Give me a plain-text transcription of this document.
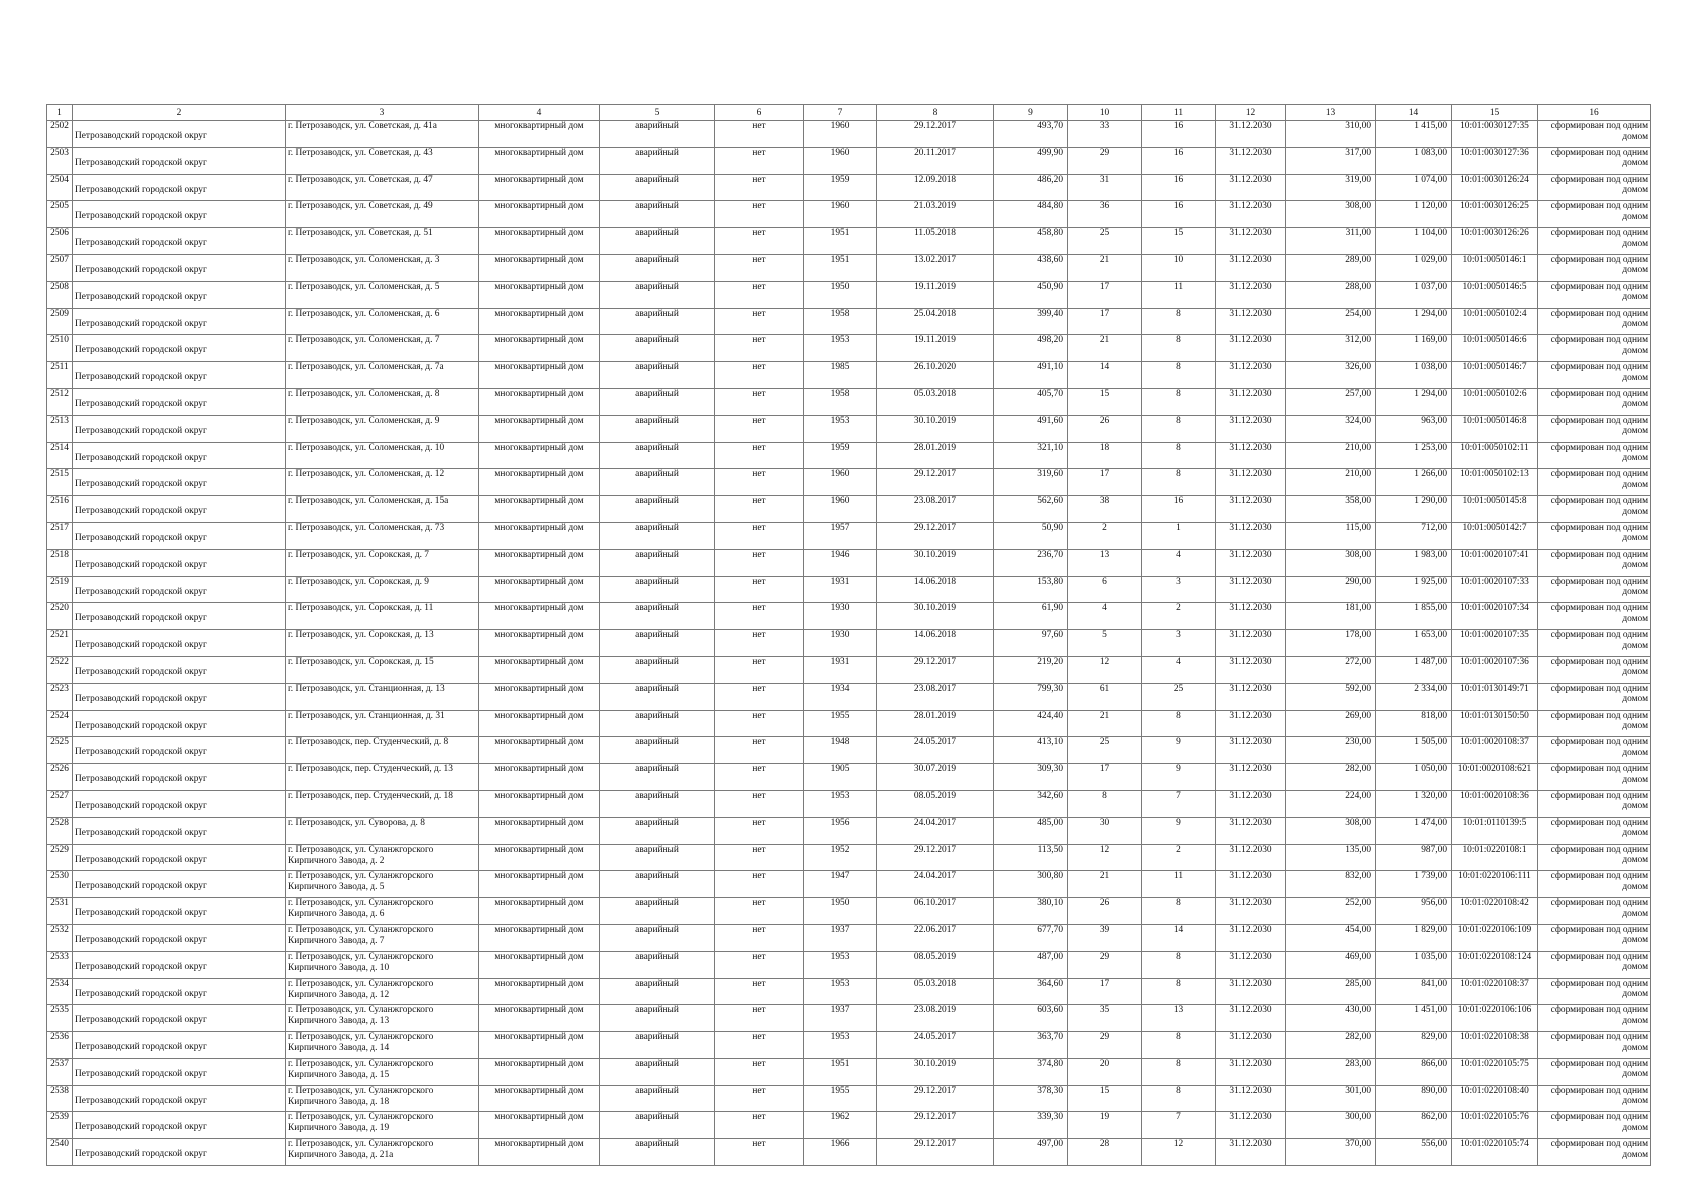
1	2	3	4	5	6	7	8	9	10	11	12	13	14	15	16
2502	Петрозаводский городской округ	г. Петрозаводск, ул. Советская, д. 41а	многоквартирный дом	аварийный	нет	1960	29.12.2017	493,70	33	16	31.12.2030	310,00	1 415,00	10:01:0030127:35	сформирован под одним домом
2503	Петрозаводский городской округ	г. Петрозаводск, ул. Советская, д. 43	многоквартирный дом	аварийный	нет	1960	20.11.2017	499,90	29	16	31.12.2030	317,00	1 083,00	10:01:0030127:36	сформирован под одним домом
2504	Петрозаводский городской округ	г. Петрозаводск, ул. Советская, д. 47	многоквартирный дом	аварийный	нет	1959	12.09.2018	486,20	31	16	31.12.2030	319,00	1 074,00	10:01:0030126:24	сформирован под одним домом
2505	Петрозаводский городской округ	г. Петрозаводск, ул. Советская, д. 49	многоквартирный дом	аварийный	нет	1960	21.03.2019	484,80	36	16	31.12.2030	308,00	1 120,00	10:01:0030126:25	сформирован под одним домом
2506	Петрозаводский городской округ	г. Петрозаводск, ул. Советская, д. 51	многоквартирный дом	аварийный	нет	1951	11.05.2018	458,80	25	15	31.12.2030	311,00	1 104,00	10:01:0030126:26	сформирован под одним домом
2507	Петрозаводский городской округ	г. Петрозаводск, ул. Соломенская, д. 3	многоквартирный дом	аварийный	нет	1951	13.02.2017	438,60	21	10	31.12.2030	289,00	1 029,00	10:01:0050146:1	сформирован под одним домом
2508	Петрозаводский городской округ	г. Петрозаводск, ул. Соломенская, д. 5	многоквартирный дом	аварийный	нет	1950	19.11.2019	450,90	17	11	31.12.2030	288,00	1 037,00	10:01:0050146:5	сформирован под одним домом
2509	Петрозаводский городской округ	г. Петрозаводск, ул. Соломенская, д. 6	многоквартирный дом	аварийный	нет	1958	25.04.2018	399,40	17	8	31.12.2030	254,00	1 294,00	10:01:0050102:4	сформирован под одним домом
2510	Петрозаводский городской округ	г. Петрозаводск, ул. Соломенская, д. 7	многоквартирный дом	аварийный	нет	1953	19.11.2019	498,20	21	8	31.12.2030	312,00	1 169,00	10:01:0050146:6	сформирован под одним домом
2511	Петрозаводский городской округ	г. Петрозаводск, ул. Соломенская, д. 7а	многоквартирный дом	аварийный	нет	1985	26.10.2020	491,10	14	8	31.12.2030	326,00	1 038,00	10:01:0050146:7	сформирован под одним домом
2512	Петрозаводский городской округ	г. Петрозаводск, ул. Соломенская, д. 8	многоквартирный дом	аварийный	нет	1958	05.03.2018	405,70	15	8	31.12.2030	257,00	1 294,00	10:01:0050102:6	сформирован под одним домом
2513	Петрозаводский городской округ	г. Петрозаводск, ул. Соломенская, д. 9	многоквартирный дом	аварийный	нет	1953	30.10.2019	491,60	26	8	31.12.2030	324,00	963,00	10:01:0050146:8	сформирован под одним домом
2514	Петрозаводский городской округ	г. Петрозаводск, ул. Соломенская, д. 10	многоквартирный дом	аварийный	нет	1959	28.01.2019	321,10	18	8	31.12.2030	210,00	1 253,00	10:01:0050102:11	сформирован под одним домом
2515	Петрозаводский городской округ	г. Петрозаводск, ул. Соломенская, д. 12	многоквартирный дом	аварийный	нет	1960	29.12.2017	319,60	17	8	31.12.2030	210,00	1 266,00	10:01:0050102:13	сформирован под одним домом
2516	Петрозаводский городской округ	г. Петрозаводск, ул. Соломенская, д. 15а	многоквартирный дом	аварийный	нет	1960	23.08.2017	562,60	38	16	31.12.2030	358,00	1 290,00	10:01:0050145:8	сформирован под одним домом
2517	Петрозаводский городской округ	г. Петрозаводск, ул. Соломенская, д. 73	многоквартирный дом	аварийный	нет	1957	29.12.2017	50,90	2	1	31.12.2030	115,00	712,00	10:01:0050142:7	сформирован под одним домом
2518	Петрозаводский городской округ	г. Петрозаводск, ул. Сорокская, д. 7	многоквартирный дом	аварийный	нет	1946	30.10.2019	236,70	13	4	31.12.2030	308,00	1 983,00	10:01:0020107:41	сформирован под одним домом
2519	Петрозаводский городской округ	г. Петрозаводск, ул. Сорокская, д. 9	многоквартирный дом	аварийный	нет	1931	14.06.2018	153,80	6	3	31.12.2030	290,00	1 925,00	10:01:0020107:33	сформирован под одним домом
2520	Петрозаводский городской округ	г. Петрозаводск, ул. Сорокская, д. 11	многоквартирный дом	аварийный	нет	1930	30.10.2019	61,90	4	2	31.12.2030	181,00	1 855,00	10:01:0020107:34	сформирован под одним домом
2521	Петрозаводский городской округ	г. Петрозаводск, ул. Сорокская, д. 13	многоквартирный дом	аварийный	нет	1930	14.06.2018	97,60	5	3	31.12.2030	178,00	1 653,00	10:01:0020107:35	сформирован под одним домом
2522	Петрозаводский городской округ	г. Петрозаводск, ул. Сорокская, д. 15	многоквартирный дом	аварийный	нет	1931	29.12.2017	219,20	12	4	31.12.2030	272,00	1 487,00	10:01:0020107:36	сформирован под одним домом
2523	Петрозаводский городской округ	г. Петрозаводск, ул. Станционная, д. 13	многоквартирный дом	аварийный	нет	1934	23.08.2017	799,30	61	25	31.12.2030	592,00	2 334,00	10:01:0130149:71	сформирован под одним домом
2524	Петрозаводский городской округ	г. Петрозаводск, ул. Станционная, д. 31	многоквартирный дом	аварийный	нет	1955	28.01.2019	424,40	21	8	31.12.2030	269,00	818,00	10:01:0130150:50	сформирован под одним домом
2525	Петрозаводский городской округ	г. Петрозаводск, пер. Студенческий, д. 8	многоквартирный дом	аварийный	нет	1948	24.05.2017	413,10	25	9	31.12.2030	230,00	1 505,00	10:01:0020108:37	сформирован под одним домом
2526	Петрозаводский городской округ	г. Петрозаводск, пер. Студенческий, д. 13	многоквартирный дом	аварийный	нет	1905	30.07.2019	309,30	17	9	31.12.2030	282,00	1 050,00	10:01:0020108:621	сформирован под одним домом
2527	Петрозаводский городской округ	г. Петрозаводск, пер. Студенческий, д. 18	многоквартирный дом	аварийный	нет	1953	08.05.2019	342,60	8	7	31.12.2030	224,00	1 320,00	10:01:0020108:36	сформирован под одним домом
2528	Петрозаводский городской округ	г. Петрозаводск, ул. Суворова, д. 8	многоквартирный дом	аварийный	нет	1956	24.04.2017	485,00	30	9	31.12.2030	308,00	1 474,00	10:01:0110139:5	сформирован под одним домом
2529	Петрозаводский городской округ	г. Петрозаводск, ул. Суланжгорского Кирпичного Завода, д. 2	многоквартирный дом	аварийный	нет	1952	29.12.2017	113,50	12	2	31.12.2030	135,00	987,00	10:01:0220108:1	сформирован под одним домом
2530	Петрозаводский городской округ	г. Петрозаводск, ул. Суланжгорского Кирпичного Завода, д. 5	многоквартирный дом	аварийный	нет	1947	24.04.2017	300,80	21	11	31.12.2030	832,00	1 739,00	10:01:0220106:111	сформирован под одним домом
2531	Петрозаводский городской округ	г. Петрозаводск, ул. Суланжгорского Кирпичного Завода, д. 6	многоквартирный дом	аварийный	нет	1950	06.10.2017	380,10	26	8	31.12.2030	252,00	956,00	10:01:0220108:42	сформирован под одним домом
2532	Петрозаводский городской округ	г. Петрозаводск, ул. Суланжгорского Кирпичного Завода, д. 7	многоквартирный дом	аварийный	нет	1937	22.06.2017	677,70	39	14	31.12.2030	454,00	1 829,00	10:01:0220106:109	сформирован под одним домом
2533	Петрозаводский городской округ	г. Петрозаводск, ул. Суланжгорского Кирпичного Завода, д. 10	многоквартирный дом	аварийный	нет	1953	08.05.2019	487,00	29	8	31.12.2030	469,00	1 035,00	10:01:0220108:124	сформирован под одним домом
2534	Петрозаводский городской округ	г. Петрозаводск, ул. Суланжгорского Кирпичного Завода, д. 12	многоквартирный дом	аварийный	нет	1953	05.03.2018	364,60	17	8	31.12.2030	285,00	841,00	10:01:0220108:37	сформирован под одним домом
2535	Петрозаводский городской округ	г. Петрозаводск, ул. Суланжгорского Кирпичного Завода, д. 13	многоквартирный дом	аварийный	нет	1937	23.08.2019	603,60	35	13	31.12.2030	430,00	1 451,00	10:01:0220106:106	сформирован под одним домом
2536	Петрозаводский городской округ	г. Петрозаводск, ул. Суланжгорского Кирпичного Завода, д. 14	многоквартирный дом	аварийный	нет	1953	24.05.2017	363,70	29	8	31.12.2030	282,00	829,00	10:01:0220108:38	сформирован под одним домом
2537	Петрозаводский городской округ	г. Петрозаводск, ул. Суланжгорского Кирпичного Завода, д. 15	многоквартирный дом	аварийный	нет	1951	30.10.2019	374,80	20	8	31.12.2030	283,00	866,00	10:01:0220105:75	сформирован под одним домом
2538	Петрозаводский городской округ	г. Петрозаводск, ул. Суланжгорского Кирпичного Завода, д. 18	многоквартирный дом	аварийный	нет	1955	29.12.2017	378,30	15	8	31.12.2030	301,00	890,00	10:01:0220108:40	сформирован под одним домом
2539	Петрозаводский городской округ	г. Петрозаводск, ул. Суланжгорского Кирпичного Завода, д. 19	многоквартирный дом	аварийный	нет	1962	29.12.2017	339,30	19	7	31.12.2030	300,00	862,00	10:01:0220105:76	сформирован под одним домом
2540	Петрозаводский городской округ	г. Петрозаводск, ул. Суланжгорского Кирпичного Завода, д. 21а	многоквартирный дом	аварийный	нет	1966	29.12.2017	497,00	28	12	31.12.2030	370,00	556,00	10:01:0220105:74	сформирован под одним домом
